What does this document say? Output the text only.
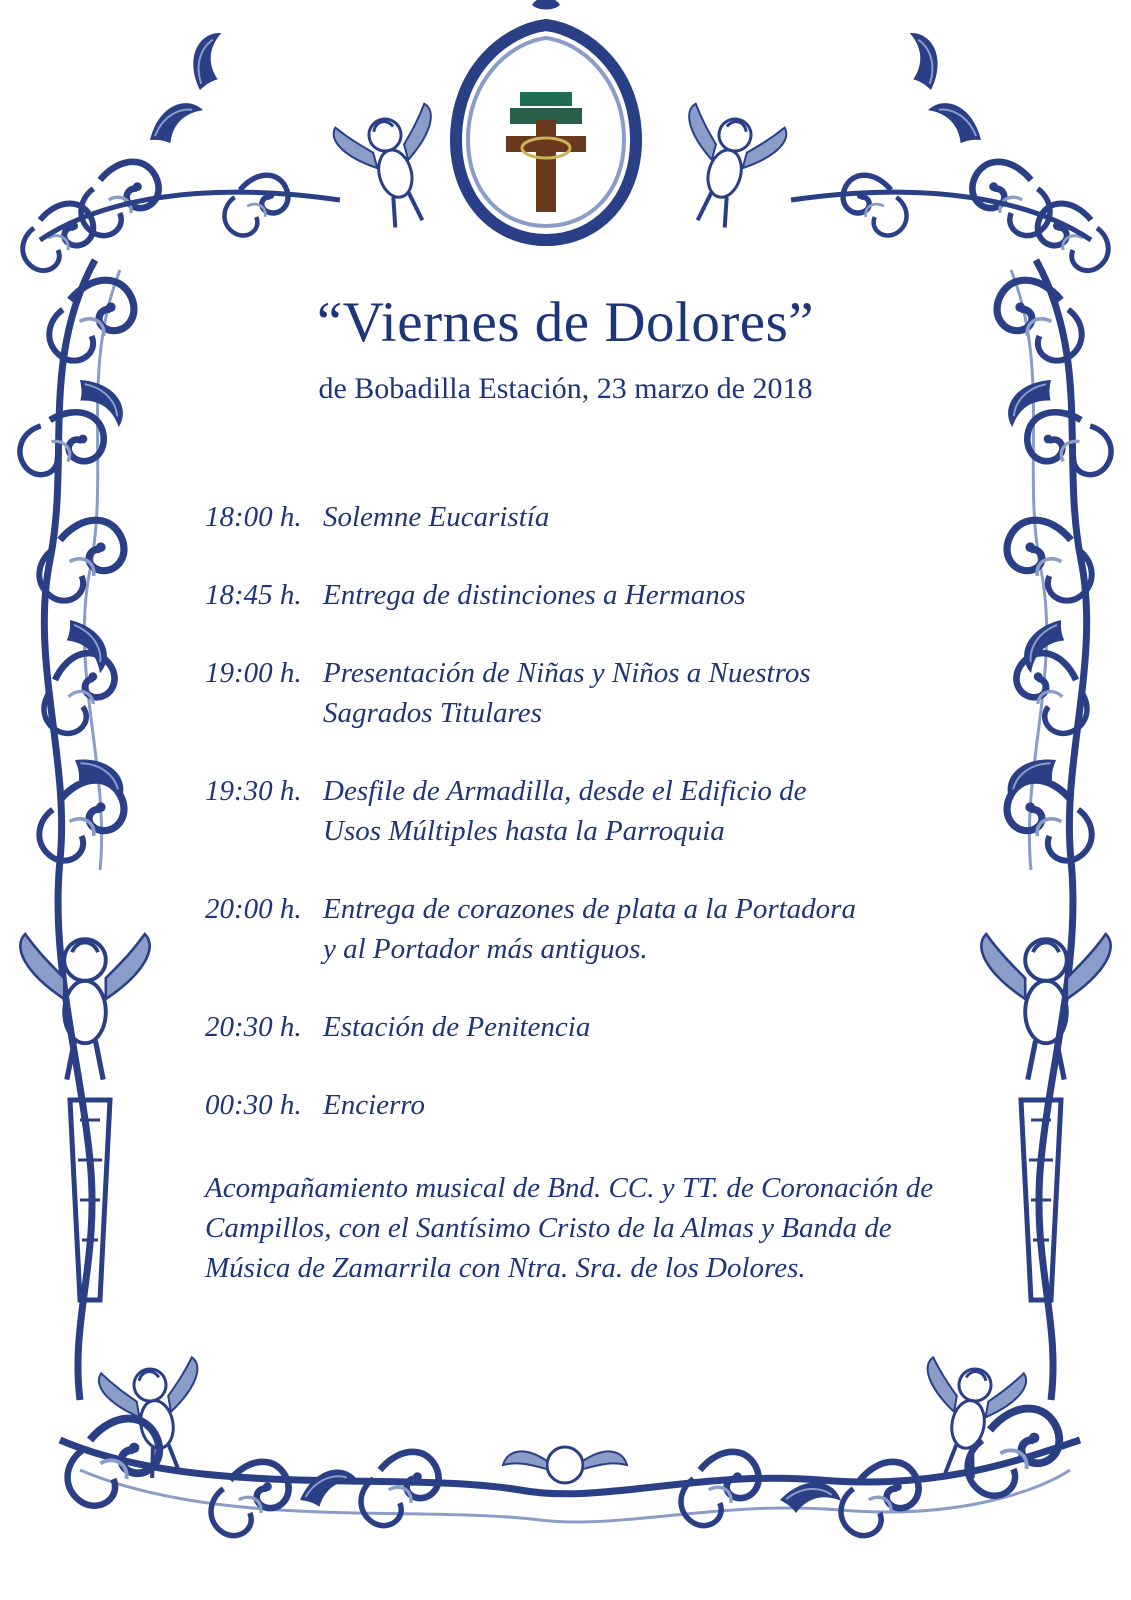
“Viernes de Dolores”
de Bobadilla Estación, 23 marzo de 2018
18:00 h. Solemne Eucaristía
18:45 h. Entrega de distinciones a Hermanos
19:00 h. Presentación de Niñas y Niños a Nuestros Sagrados Titulares
19:30 h. Desfile de Armadilla, desde el Edificio de Usos Múltiples hasta la Parroquia
20:00 h. Entrega de corazones de plata a la Portadora y al Portador más antiguos.
20:30 h. Estación de Penitencia
00:30 h. Encierro
Acompañamiento musical de Bnd. CC. y TT. de Coronación de Campillos, con el Santísimo Cristo de la Almas y Banda de Música de Zamarrila con Ntra. Sra. de los Dolores.
